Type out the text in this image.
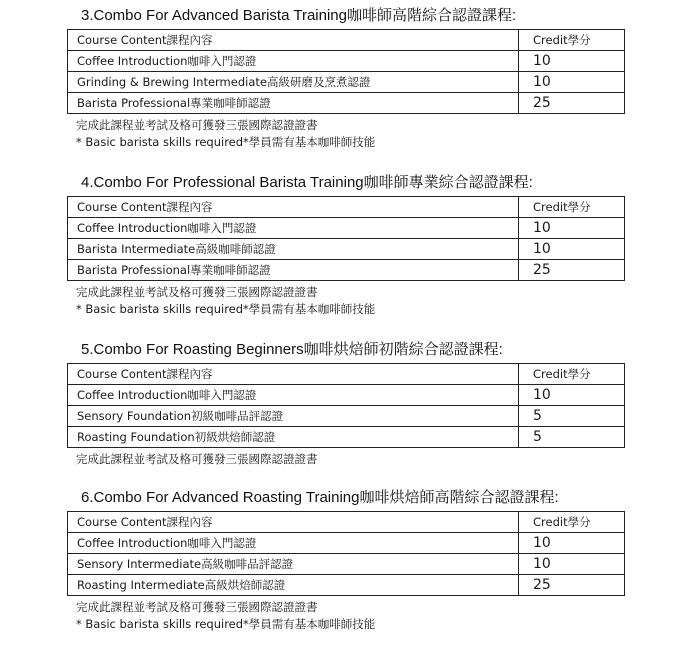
3.Combo For Advanced Barista Training咖啡師高階綜合認證課程:
Course Content課程內容	Credit學分
Coffee Introduction咖啡入門認證	10
Grinding & Brewing Intermediate高級研磨及烹煮認證	10
Barista Professional專業咖啡師認證	25
完成此課程並考試及格可獲發三張國際認證證書
* Basic barista skills required*學員需有基本咖啡師技能
4.Combo For Professional Barista Training咖啡師專業綜合認證課程:
Course Content課程內容	Credit學分
Coffee Introduction咖啡入門認證	10
Barista Intermediate高級咖啡師認證	10
Barista Professional專業咖啡師認證	25
完成此課程並考試及格可獲發三張國際認證證書
* Basic barista skills required*學員需有基本咖啡師技能
5.Combo For Roasting Beginners咖啡烘焙師初階綜合認證課程:
Course Content課程內容	Credit學分
Coffee Introduction咖啡入門認證	10
Sensory Foundation初級咖啡品評認證	5
Roasting Foundation初級烘焙師認證	5
完成此課程並考試及格可獲發三張國際認證證書
6.Combo For Advanced Roasting Training咖啡烘焙師高階綜合認證課程:
Course Content課程內容	Credit學分
Coffee Introduction咖啡入門認證	10
Sensory Intermediate高級咖啡品評認證	10
Roasting Intermediate高級烘焙師認證	25
完成此課程並考試及格可獲發三張國際認證證書
* Basic barista skills required*學員需有基本咖啡師技能
